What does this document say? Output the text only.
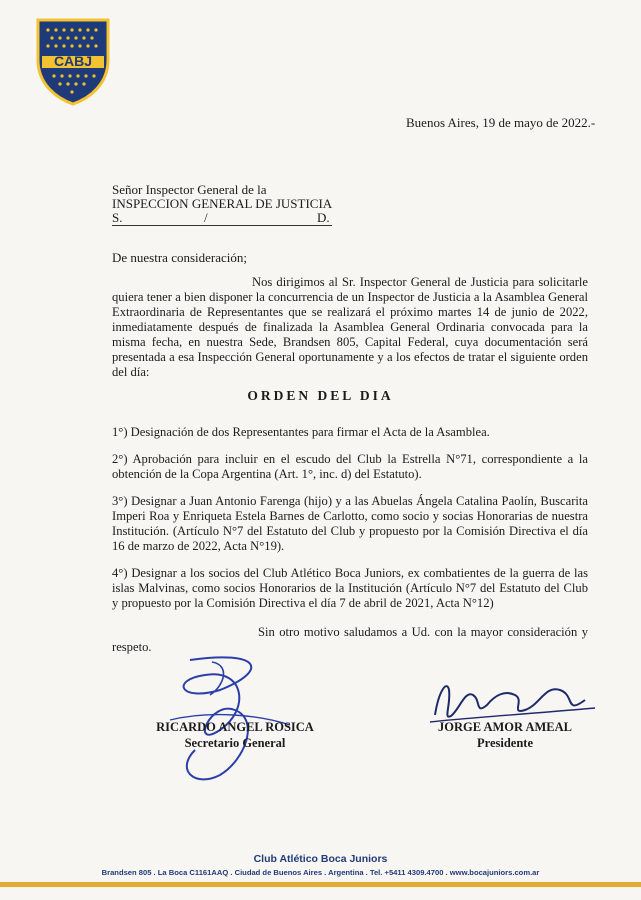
CABJ
Buenos Aires, 19 de mayo de 2022.-
Señor Inspector General de la
INSPECCION GENERAL DE JUSTICIA
S.	/	D.
De nuestra consideración;
Nos dirigimos al Sr. Inspector General de Justicia para solicitarle quiera tener a bien disponer la concurrencia de un Inspector de Justicia a la Asamblea General Extraordinaria de Representantes que se realizará el próximo martes 14 de junio de 2022, inmediatamente después de finalizada la Asamblea General Ordinaria convocada para la misma fecha, en nuestra Sede, Brandsen 805, Capital Federal, cuya documentación será presentada a esa Inspección General oportunamente y a los efectos de tratar el siguiente orden del día:
ORDEN DEL DIA
1°) Designación de dos Representantes para firmar el Acta de la Asamblea.
2°) Aprobación para incluir en el escudo del Club la Estrella N°71, correspondiente a la obtención de la Copa Argentina (Art. 1°, inc. d) del Estatuto).
3°) Designar a Juan Antonio Farenga (hijo) y a las Abuelas Ángela Catalina Paolín, Buscarita Imperi Roa y Enriqueta Estela Barnes de Carlotto, como socio y socias Honorarias de nuestra Institución. (Artículo N°7 del Estatuto del Club y propuesto por la Comisión Directiva el día 16 de marzo de 2022, Acta N°19).
4°) Designar a los socios del Club Atlético Boca Juniors, ex combatientes de la guerra de las islas Malvinas, como socios Honorarios de la Institución (Artículo N°7 del Estatuto del Club y propuesto por la Comisión Directiva el día 7 de abril de 2021, Acta N°12)
Sin otro motivo saludamos a Ud. con la mayor consideración y respeto.
RICARDO ANGEL ROSICA
Secretario General
JORGE AMOR AMEAL
Presidente
Club Atlético Boca Juniors
Brandsen 805 . La Boca C1161AAQ . Ciudad de Buenos Aires . Argentina . Tel. +5411 4309.4700 . www.bocajuniors.com.ar
